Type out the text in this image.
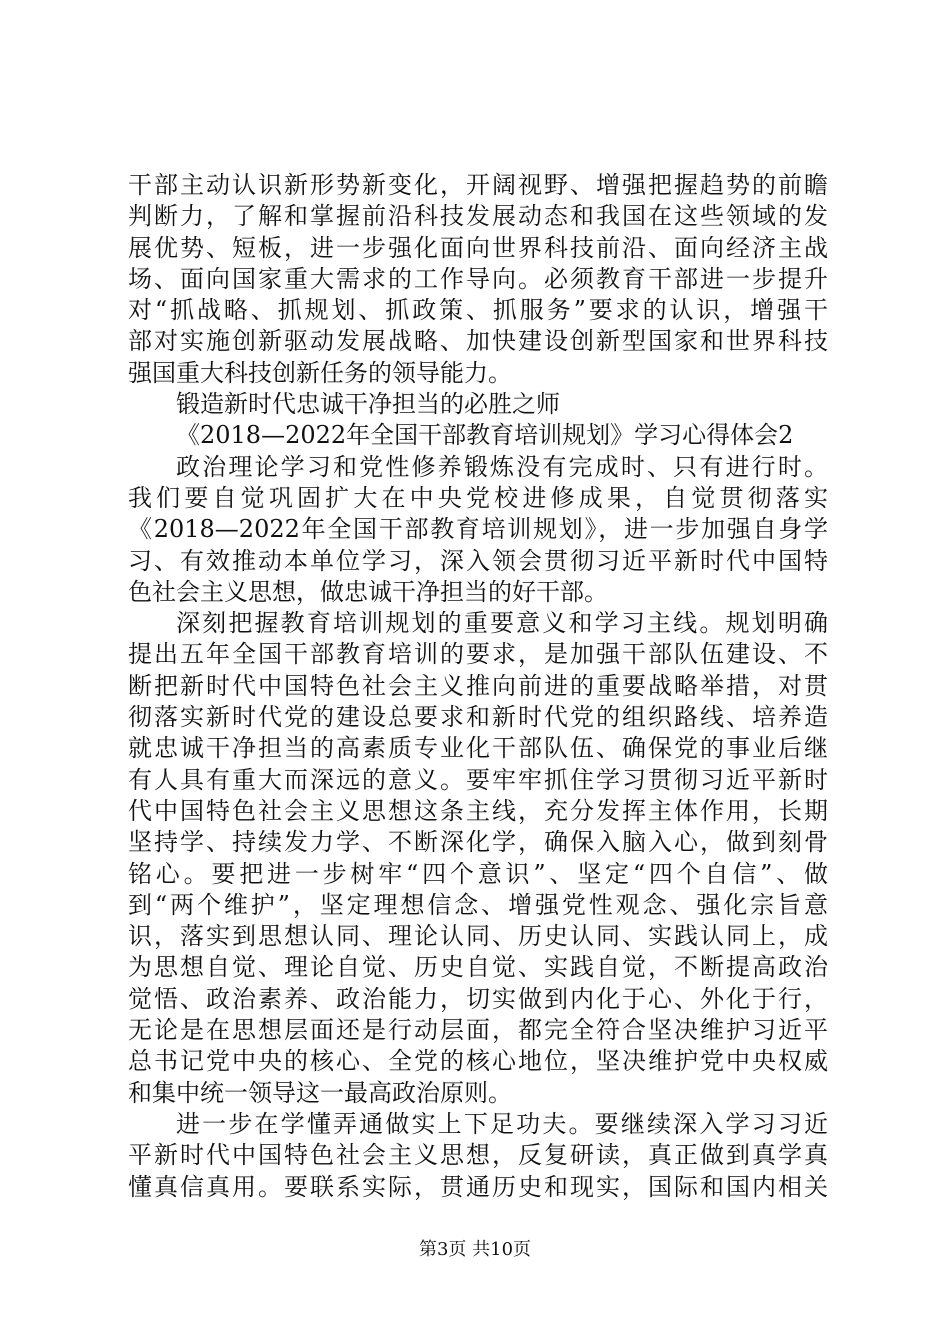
干部主动认识新形势新变化，开阔视野、增强把握趋势的前瞻
判断力，了解和掌握前沿科技发展动态和我国在这些领域的发
展优势、短板，进一步强化面向世界科技前沿、面向经济主战
场、面向国家重大需求的工作导向。必须教育干部进一步提升
对“抓战略、抓规划、抓政策、抓服务”要求的认识，增强干
部对实施创新驱动发展战略、加快建设创新型国家和世界科技
强国重大科技创新任务的领导能力。
锻造新时代忠诚干净担当的必胜之师
《2018—2022年全国干部教育培训规划》学习心得体会2
政治理论学习和党性修养锻炼没有完成时、只有进行时。
我们要自觉巩固扩大在中央党校进修成果，自觉贯彻落实
《2018—2022年全国干部教育培训规划》，进一步加强自身学
习、有效推动本单位学习，深入领会贯彻习近平新时代中国特
色社会主义思想，做忠诚干净担当的好干部。
深刻把握教育培训规划的重要意义和学习主线。规划明确
提出五年全国干部教育培训的要求，是加强干部队伍建设、不
断把新时代中国特色社会主义推向前进的重要战略举措，对贯
彻落实新时代党的建设总要求和新时代党的组织路线、培养造
就忠诚干净担当的高素质专业化干部队伍、确保党的事业后继
有人具有重大而深远的意义。要牢牢抓住学习贯彻习近平新时
代中国特色社会主义思想这条主线，充分发挥主体作用，长期
坚持学、持续发力学、不断深化学，确保入脑入心，做到刻骨
铭心。要把进一步树牢“四个意识”、坚定“四个自信”、做
到“两个维护”，坚定理想信念、增强党性观念、强化宗旨意
识，落实到思想认同、理论认同、历史认同、实践认同上，成
为思想自觉、理论自觉、历史自觉、实践自觉，不断提高政治
觉悟、政治素养、政治能力，切实做到内化于心、外化于行，
无论是在思想层面还是行动层面，都完全符合坚决维护习近平
总书记党中央的核心、全党的核心地位，坚决维护党中央权威
和集中统一领导这一最高政治原则。
进一步在学懂弄通做实上下足功夫。要继续深入学习习近
平新时代中国特色社会主义思想，反复研读，真正做到真学真
懂真信真用。要联系实际，贯通历史和现实，国际和国内相关
第3页 共10页
